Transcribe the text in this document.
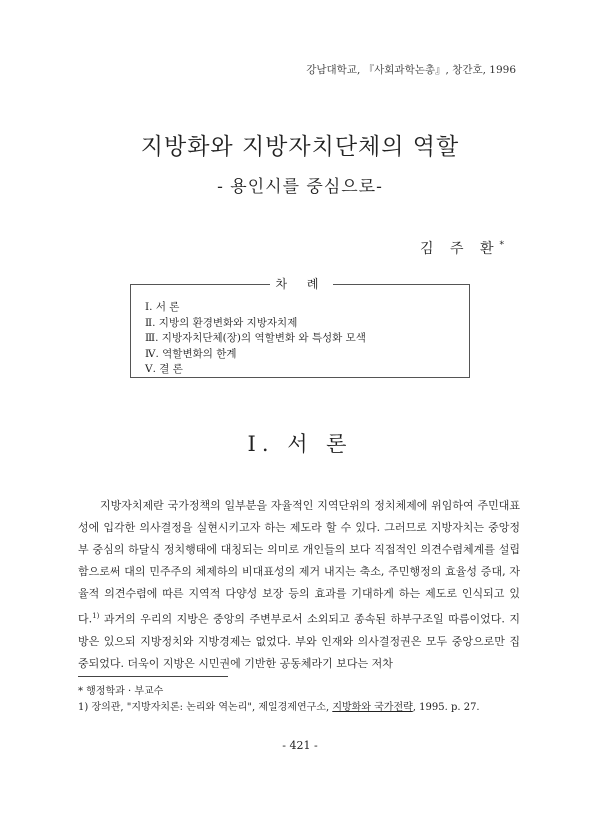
강남대학교, 『사회과학논총』, 창간호, 1996
지방화와 지방자치단체의 역할
- 용인시를 중심으로-
김 주 환*
차 례
Ⅰ. 서 론
Ⅱ. 지방의 환경변화와 지방자치제
Ⅲ. 지방자치단체(장)의 역할변화 와 특성화 모색
Ⅳ. 역할변화의 한계
Ⅴ. 결 론
Ⅰ. 서 론

지방자치제란 국가정책의 일부분을 자율적인 지역단위의 정치체제에 위임하여 주민대표성에 입각한 의사결정을 실현시키고자 하는 제도라 할 수 있다. 그러므로 지방자치는 중앙정부 중심의 하달식 정치행태에 대칭되는 의미로 개인들의 보다 직접적인 의견수렴체계를 설립함으로써 대의 민주주의 체제하의 비대표성의 제거 내지는 축소, 주민행정의 효율성 증대, 자율적 의견수렴에 따른 지역적 다양성 보장 등의 효과를 기대하게 하는 제도로 인식되고 있다.$^{1)}$ 과거의 우리의 지방은 중앙의 주변부로서 소외되고 종속된 하부구조일 따름이었다. 지방은 있으되 지방정치와 지방경제는 없었다. 부와 인재와 의사결정권은 모두 중앙으로만 집중되었다. 더욱이 지방은 시민권에 기반한 공동체라기 보다는 저차

* 행정학과 · 부교수
1) 장의관, "지방자치론: 논리와 역논리", 제일경제연구소, 지방화와 국가전략, 1995. p. 27.
- 421 -
